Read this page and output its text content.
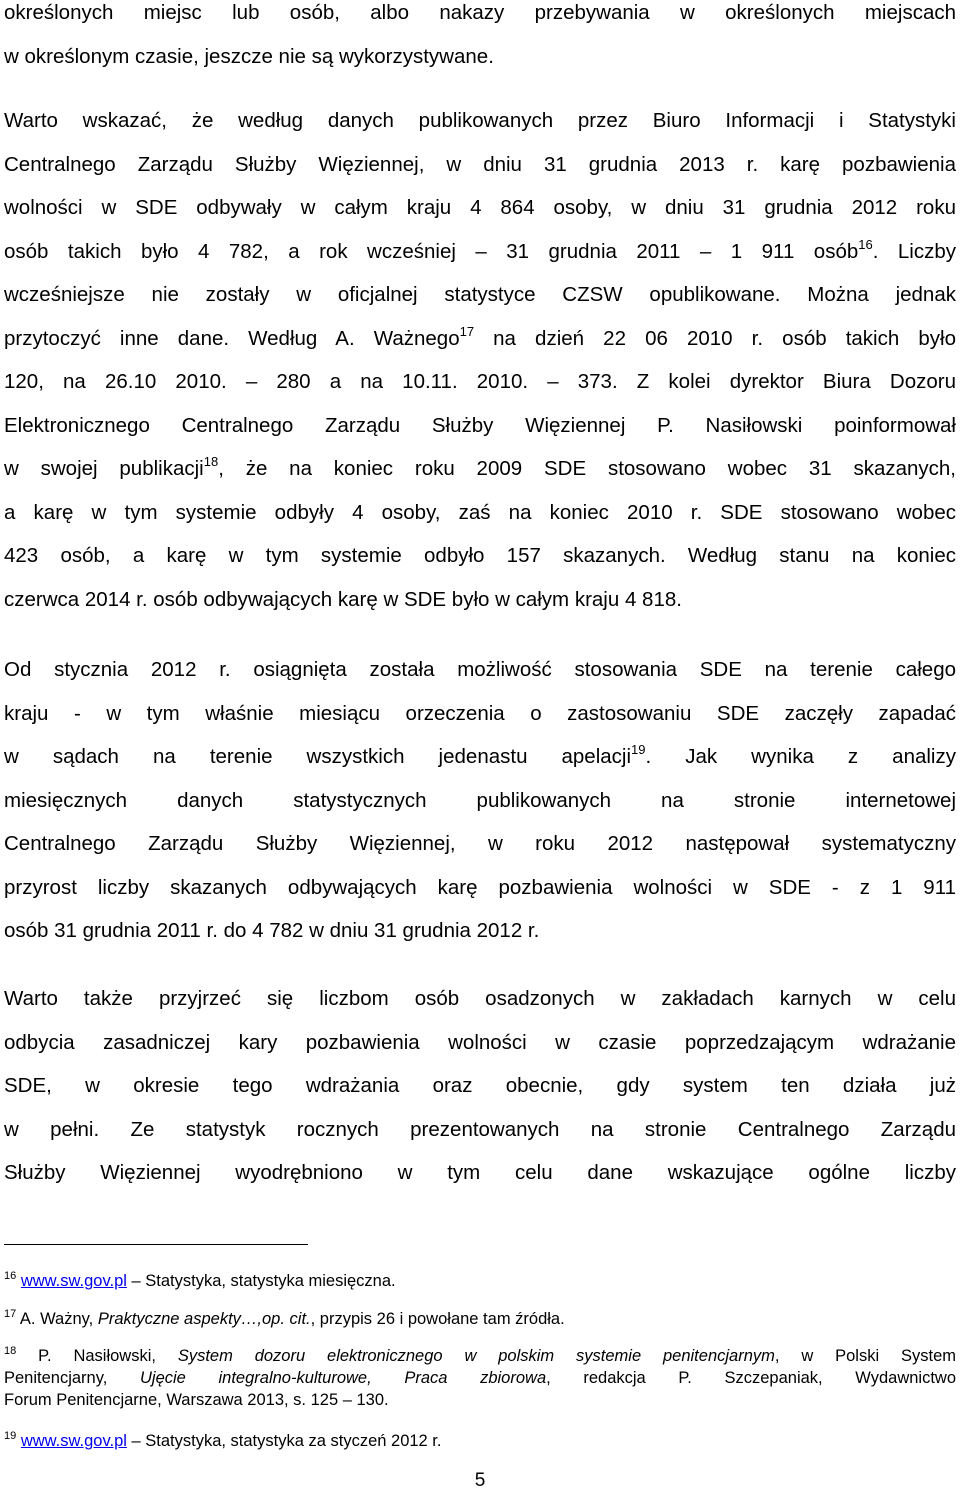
określonych miejsc lub osób, albo nakazy przebywania w określonych miejscach
w określonym czasie, jeszcze nie są wykorzystywane.
Warto wskazać, że według danych publikowanych przez Biuro Informacji i Statystyki
Centralnego Zarządu Służby Więziennej, w dniu 31 grudnia 2013 r. karę pozbawienia
wolności w SDE odbywały w całym kraju 4 864 osoby, w dniu 31 grudnia 2012 roku
osób takich było 4 782, a rok wcześniej – 31 grudnia 2011 – 1 911 osób$^{16}$. Liczby
wcześniejsze nie zostały w oficjalnej statystyce CZSW opublikowane. Można jednak
przytoczyć inne dane. Według A. Ważnego$^{17}$ na dzień 22 06 2010 r. osób takich było
120, na 26.10 2010. – 280 a na 10.11. 2010. – 373. Z kolei dyrektor Biura Dozoru
Elektronicznego Centralnego Zarządu Służby Więziennej P. Nasiłowski poinformował
w swojej publikacji$^{18}$, że na koniec roku 2009 SDE stosowano wobec 31 skazanych,
a karę w tym systemie odbyły 4 osoby, zaś na koniec 2010 r. SDE stosowano wobec
423 osób, a karę w tym systemie odbyło 157 skazanych. Według stanu na koniec
czerwca 2014 r. osób odbywających karę w SDE było w całym kraju 4 818.
Od stycznia 2012 r. osiągnięta została możliwość stosowania SDE na terenie całego
kraju - w tym właśnie miesiącu orzeczenia o zastosowaniu SDE zaczęły zapadać
w sądach na terenie wszystkich jedenastu apelacji$^{19}$. Jak wynika z analizy
miesięcznych danych statystycznych publikowanych na stronie internetowej
Centralnego Zarządu Służby Więziennej, w roku 2012 następował systematyczny
przyrost liczby skazanych odbywających karę pozbawienia wolności w SDE - z 1 911
osób 31 grudnia 2011 r. do 4 782 w dniu 31 grudnia 2012 r.
Warto także przyjrzeć się liczbom osób osadzonych w zakładach karnych w celu
odbycia zasadniczej kary pozbawienia wolności w czasie poprzedzającym wdrażanie
SDE, w okresie tego wdrażania oraz obecnie, gdy system ten działa już
w pełni. Ze statystyk rocznych prezentowanych na stronie Centralnego Zarządu
Służby Więziennej wyodrębniono w tym celu dane wskazujące ogólne liczby
$^{16}$ www.sw.gov.pl – Statystyka, statystyka miesięczna.
$^{17}$ A. Ważny, Praktyczne aspekty…,op. cit., przypis 26 i powołane tam źródła.
$^{18}$ P. Nasiłowski, System dozoru elektronicznego w polskim systemie penitencjarnym, w Polski System
Penitencjarny, Ujęcie integralno-kulturowe, Praca zbiorowa, redakcja P. Szczepaniak, Wydawnictwo
Forum Penitencjarne, Warszawa 2013, s. 125 – 130.
$^{19}$ www.sw.gov.pl – Statystyka, statystyka za styczeń 2012 r.
5
